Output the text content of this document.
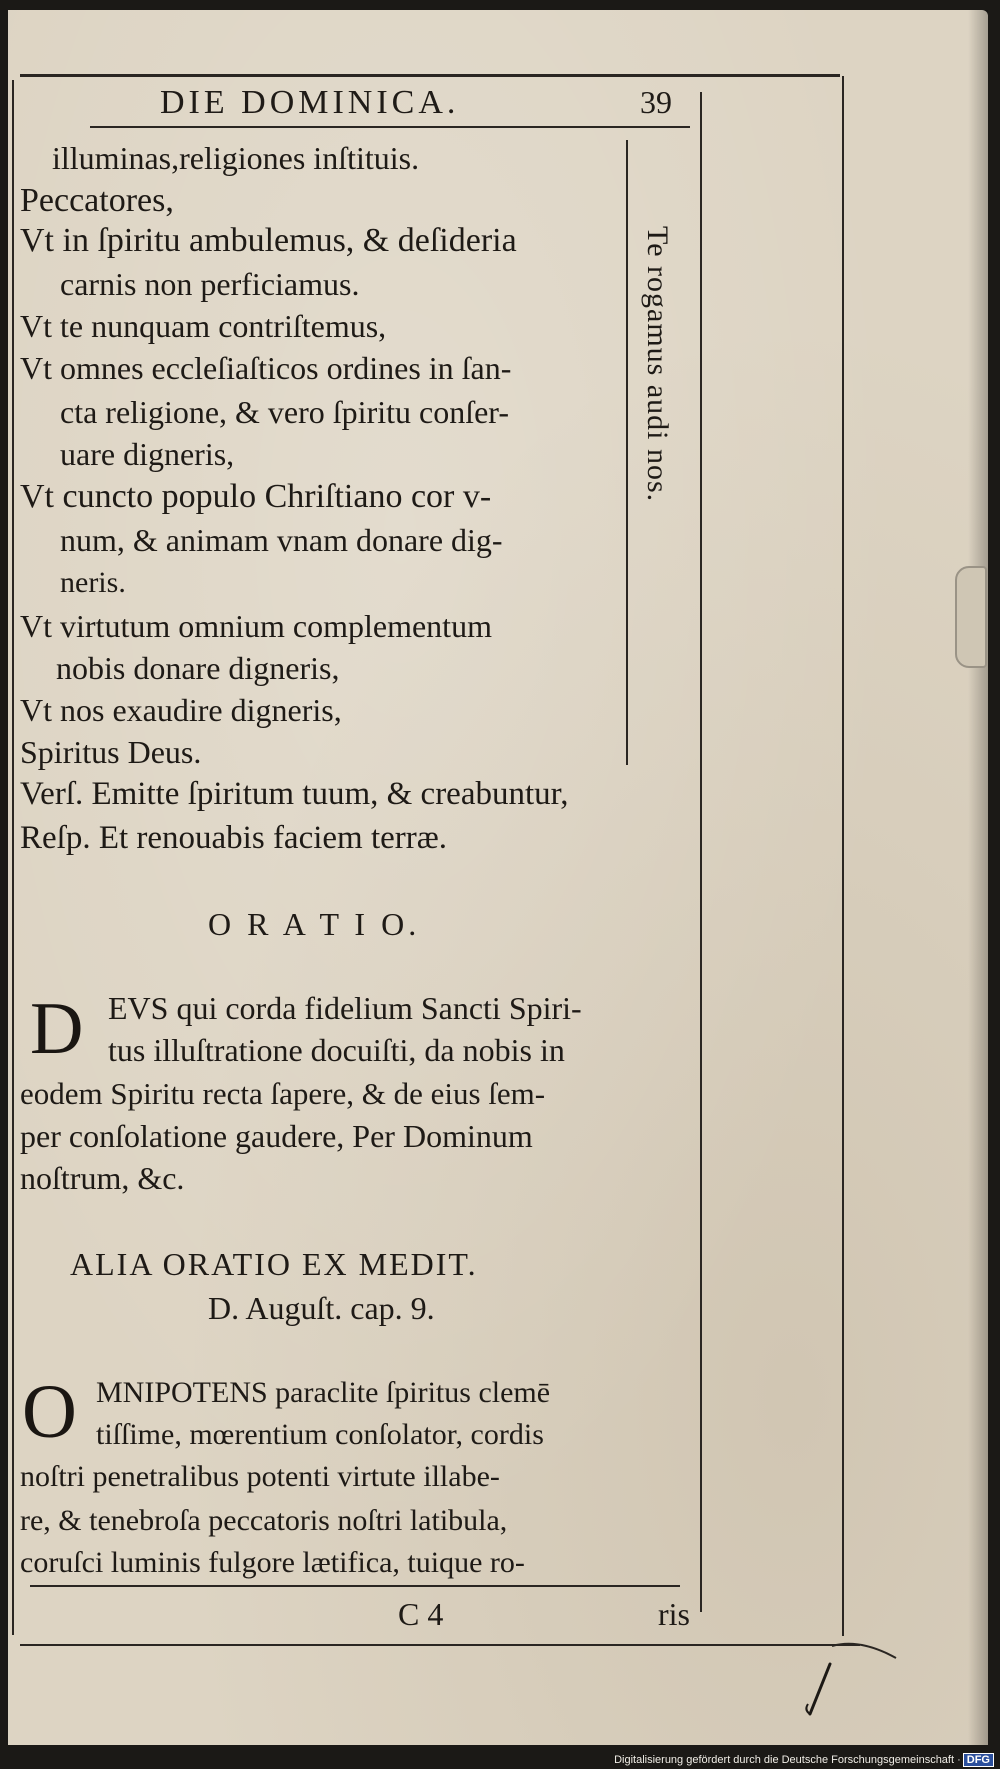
DIE DOMINICA.	39
illuminas,religiones inſtituis.
Peccatores,
Vt in ſpiritu ambulemus, & deſideria
carnis non perficiamus.
Vt te nunquam contriſtemus,
Vt omnes eccleſiaſticos ordines in ſan-
cta religione, & vero ſpiritu conſer-
uare digneris,
Vt cuncto populo Chriſtiano cor v-
num, & animam vnam donare dig-
neris.
Vt virtutum omnium complementum
nobis donare digneris,
Vt nos exaudire digneris,
Spiritus Deus.
Te rogamus audi nos.
Verſ. Emitte ſpiritum tuum, & creabuntur,
Reſp. Et renouabis faciem terræ.
O R A T I O.
D EVS qui corda fidelium Sancti Spiri-
tus illuſtratione docuiſti, da nobis in
eodem Spiritu recta ſapere, & de eius ſem-
per conſolatione gaudere, Per Dominum
noſtrum, &c.
ALIA ORATIO EX MEDIT.
D. Auguſt. cap. 9.
O MNIPOTENS paraclite ſpiritus clemē
tiſſime, mœrentium conſolator, cordis
noſtri penetralibus potenti virtute illabe-
re, & tenebroſa peccatoris noſtri latibula,
coruſci luminis fulgore lætifica, tuique ro-
C 4	ris
Digitalisierung gefördert durch die Deutsche Forschungsgemeinschaft · DFG
